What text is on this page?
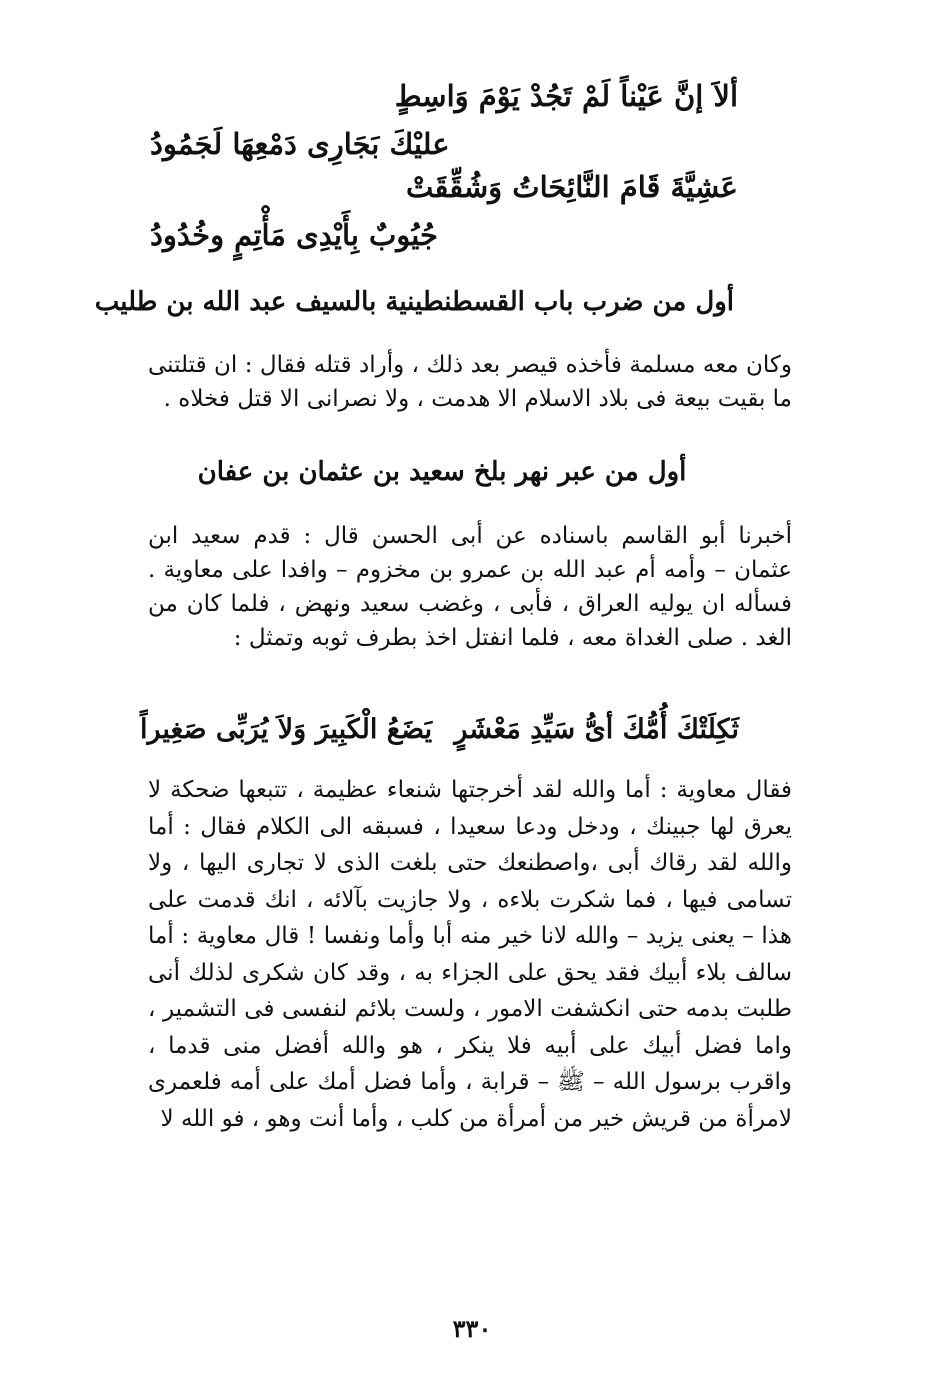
ألاَ إنَّ عَيْناً لَمْ تَجُدْ يَوْمَ وَاسِطٍ
عليْكَ بَجَارِى دَمْعِهَا لَجَمُودُ
عَشِيَّةَ قَامَ النَّائِحَاتُ وَشُقِّقَتْ
جُيُوبٌ بِأَيْدِى مَأْتِمٍ وخُدُودُ
أول من ضرب باب القسطنطينية بالسيف عبد الله بن طليب
وكان معه مسلمة فأخذه قيصر بعد ذلك ، وأراد قتله فقال : ان قتلتنى ما بقيت بيعة فى بلاد الاسلام الا هدمت ، ولا نصرانى الا قتل فخلاه .
أول من عبر نهر بلخ سعيد بن عثمان بن عفان
أخبرنا أبو القاسم باسناده عن أبى الحسن قال : قدم سعيد ابن عثمان – وأمه أم عبد الله بن عمرو بن مخزوم – وافدا على معاوية . فسأله ان يوليه العراق ، فأبى ، وغضب سعيد ونهض ، فلما كان من الغد . صلى الغداة معه ، فلما انفتل اخذ بطرف ثوبه وتمثل :
ثَكِلَتْكَ أُمُّكَ أىُّ سَيِّدِ مَعْشَرٍ
يَضَعُ الْكَبِيرَ وَلاَ يُرَبِّى صَغِيراً
فقال معاوية : أما والله لقد أخرجتها شنعاء عظيمة ، تتبعها ضحكة لا يعرق لها جبينك ، ودخل ودعا سعيدا ، فسبقه الى الكلام فقال : أما والله لقد رقاك أبى ،واصطنعك حتى بلغت الذى لا تجارى اليها ، ولا تسامى فيها ، فما شكرت بلاءه ، ولا جازيت بآلائه ، انك قدمت على هذا – يعنى يزيد – والله لانا خير منه أبا وأما ونفسا ! قال معاوية : أما سالف بلاء أبيك فقد يحق على الجزاء به ، وقد كان شكرى لذلك أنى طلبت بدمه حتى انكشفت الامور ، ولست بلائم لنفسى فى التشمير ، واما فضل أبيك على أبيه فلا ينكر ، هو والله أفضل منى قدما ، واقرب برسول الله – ﷺ – قرابة ، وأما فضل أمك على أمه فلعمرى لامرأة من قريش خير من أمرأة من كلب ، وأما أنت وهو ، فو الله لا
٣٣٠
